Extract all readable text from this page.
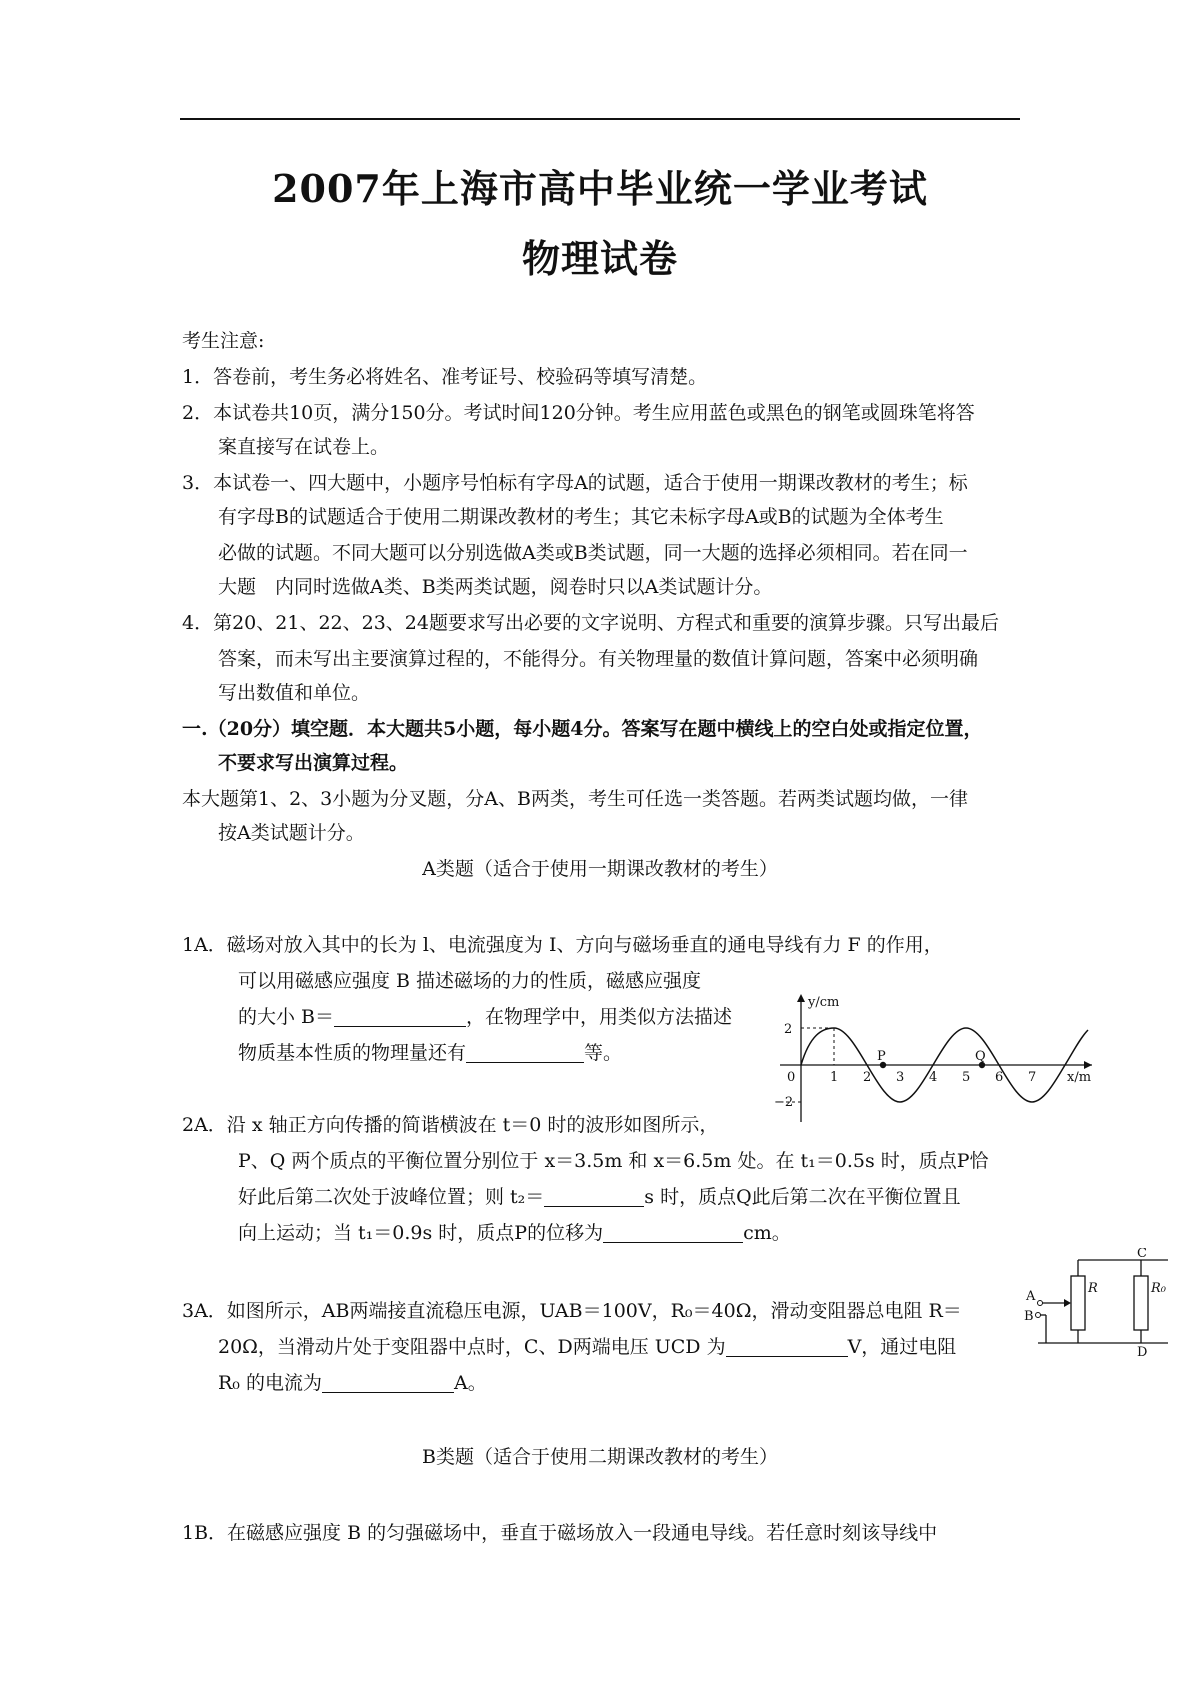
2007年上海市高中毕业统一学业考试
物理试卷
考生注意:
1．答卷前，考生务必将姓名、准考证号、校验码等填写清楚。
2．本试卷共10页，满分150分。考试时间120分钟。考生应用蓝色或黑色的钢笔或圆珠笔将答
案直接写在试卷上。
3．本试卷一、四大题中，小题序号怕标有字母A的试题，适合于使用一期课改教材的考生；标
有字母B的试题适合于使用二期课改教材的考生；其它未标字母A或B的试题为全体考生
必做的试题。不同大题可以分别选做A类或B类试题，同一大题的选择必须相同。若在同一
大题　内同时选做A类、B类两类试题，阅卷时只以A类试题计分。
4．第20、21、22、23、24题要求写出必要的文字说明、方程式和重要的演算步骤。只写出最后
答案，而未写出主要演算过程的，不能得分。有关物理量的数值计算问题，答案中必须明确
写出数值和单位。
一.（20分）填空题．本大题共5小题，每小题4分。答案写在题中横线上的空白处或指定位置，
不要求写出演算过程。
本大题第1、2、3小题为分叉题，分A、B两类，考生可任选一类答题。若两类试题均做，一律
按A类试题计分。
A类题（适合于使用一期课改教材的考生）
1A．磁场对放入其中的长为 l、电流强度为 I、方向与磁场垂直的通电导线有力 F 的作用，
可以用磁感应强度 B 描述磁场的力的性质，磁感应强度
的大小 B＝	，在物理学中，用类似方法描述
物质基本性质的物理量还有	等。
y/cm
2
−2
0	1 2 3 4 5 6 7
P	Q
x/m
2A．沿 x 轴正方向传播的简谐横波在 t＝0 时的波形如图所示，
P、Q 两个质点的平衡位置分别位于 x＝3.5m 和 x＝6.5m 处。在 t₁＝0.5s 时，质点P恰
好此后第二次处于波峰位置；则 t₂＝	s 时，质点Q此后第二次在平衡位置且
向上运动；当 t₁＝0.9s 时，质点P的位移为	cm。
A
B
C
D
R	R₀
3A．如图所示，AB两端接直流稳压电源，UAB＝100V，R₀＝40Ω，滑动变阻器总电阻 R＝
20Ω，当滑动片处于变阻器中点时，C、D两端电压 UCD 为	V，通过电阻
R₀ 的电流为	A。
B类题（适合于使用二期课改教材的考生）
1B．在磁感应强度 B 的匀强磁场中，垂直于磁场放入一段通电导线。若任意时刻该导线中
